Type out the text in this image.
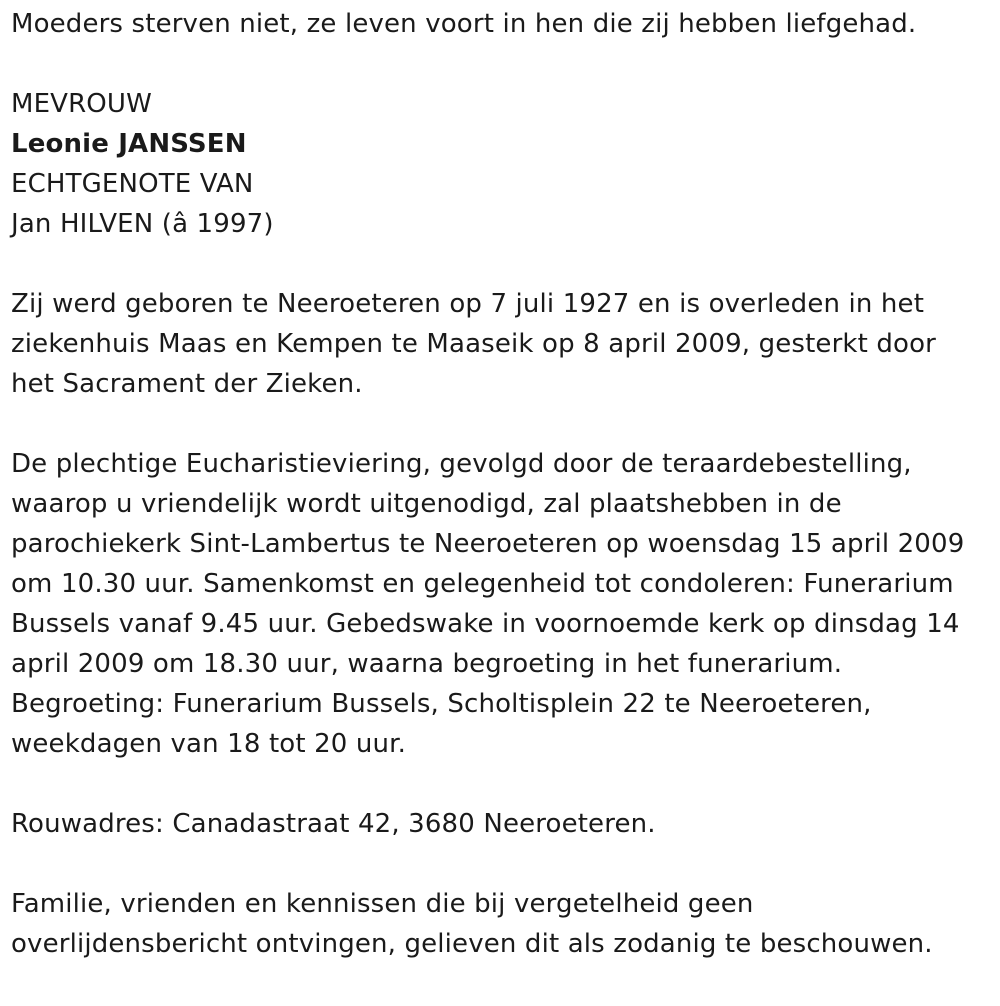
Moeders sterven niet, ze leven voort in hen die zij hebben liefgehad.
MEVROUW
Leonie JANSSEN
ECHTGENOTE VAN
Jan HILVEN (â 1997)
Zij werd geboren te Neeroeteren op 7 juli 1927 en is overleden in het
ziekenhuis Maas en Kempen te Maaseik op 8 april 2009, gesterkt door
het Sacrament der Zieken.
De plechtige Eucharistieviering, gevolgd door de teraardebestelling,
waarop u vriendelijk wordt uitgenodigd, zal plaatshebben in de
parochiekerk Sint-Lambertus te Neeroeteren op woensdag 15 april 2009
om 10.30 uur. Samenkomst en gelegenheid tot condoleren: Funerarium
Bussels vanaf 9.45 uur. Gebedswake in voornoemde kerk op dinsdag 14
april 2009 om 18.30 uur, waarna begroeting in het funerarium.
Begroeting: Funerarium Bussels, Scholtisplein 22 te Neeroeteren,
weekdagen van 18 tot 20 uur.
Rouwadres: Canadastraat 42, 3680 Neeroeteren.
Familie, vrienden en kennissen die bij vergetelheid geen
overlijdensbericht ontvingen, gelieven dit als zodanig te beschouwen.
